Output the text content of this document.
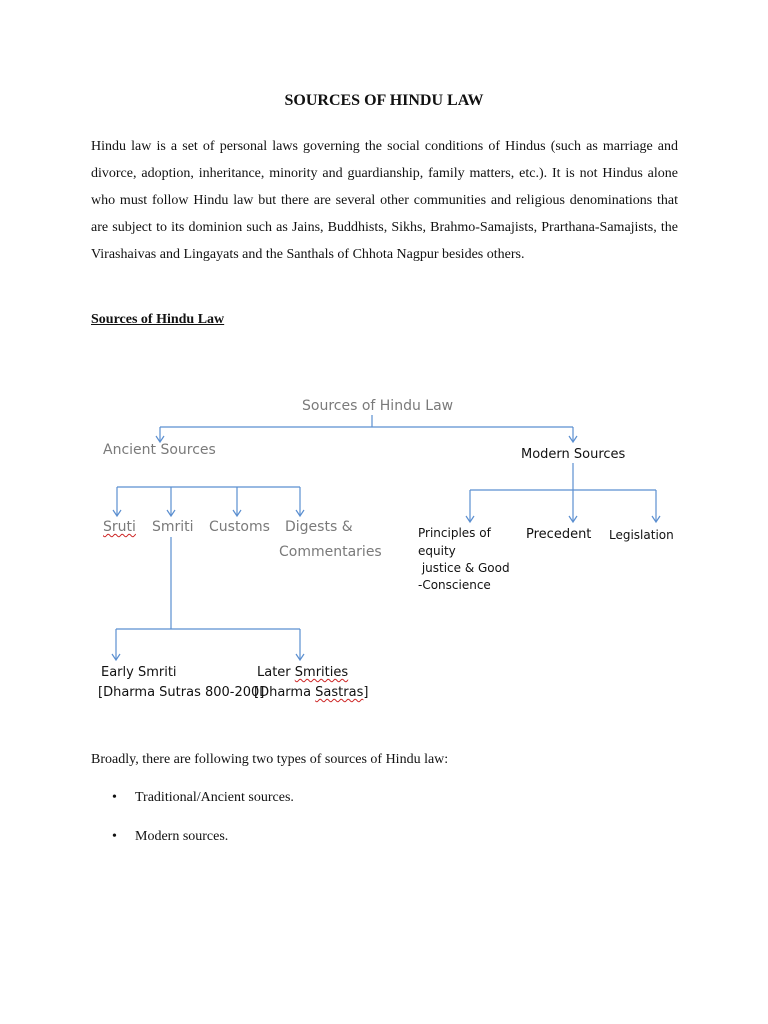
SOURCES OF HINDU LAW

Hindu law is a set of personal laws governing the social conditions of Hindus (such as marriage and divorce, adoption, inheritance, minority and guardianship, family matters, etc.). It is not Hindus alone who must follow Hindu law but there are several other communities and religious denominations that are subject to its dominion such as Jains, Buddhists, Sikhs, Brahmo-Samajists, Prarthana-Samajists, the Virashaivas and Lingayats and the Santhals of Chhota Nagpur besides others.

Sources of Hindu Law
Sources of Hindu Law
Ancient Sources	Modern Sources
Sruti Smriti Customs Digests &
Commentaries
Principles of
equity
justice & Good
-Conscience
Precedent Legislation
Early Smriti
[Dharma Sutras 800-200]
Later Smrities
[Dharma Sastras]

Broadly, there are following two types of sources of Hindu law:

• Traditional/Ancient sources.
• Modern sources.
